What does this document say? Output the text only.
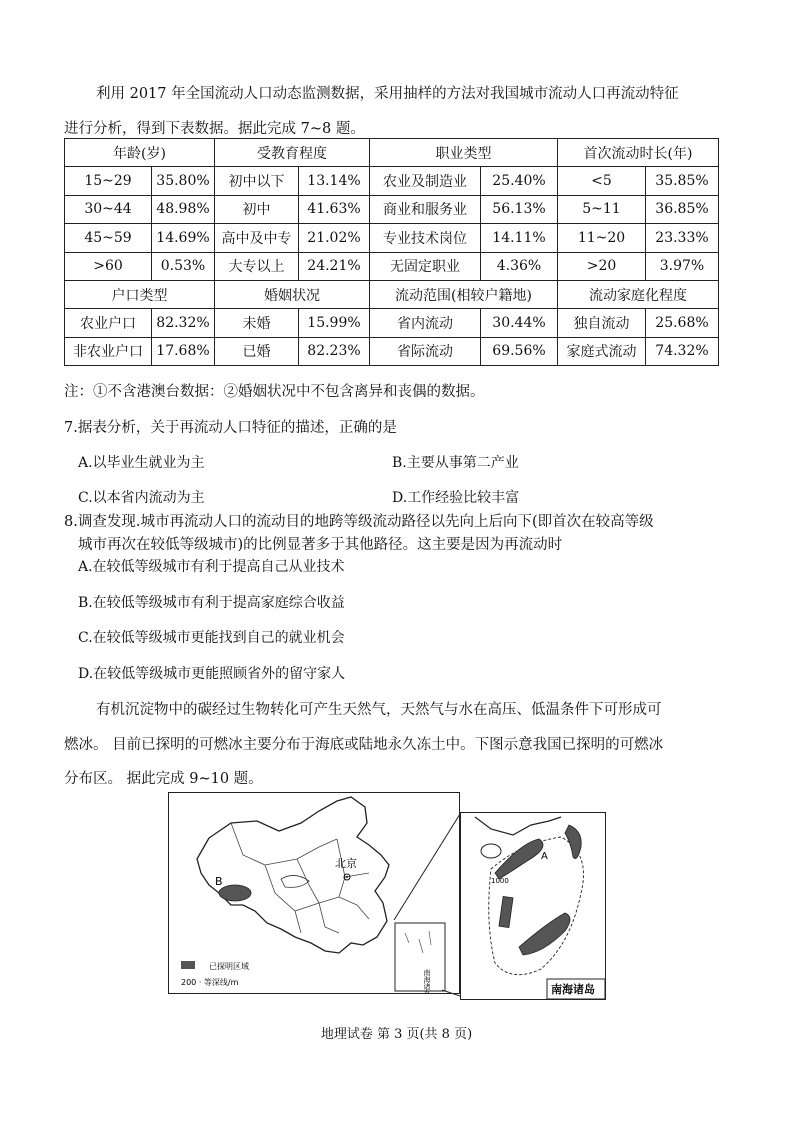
利用 2017 年全国流动人口动态监测数据，采用抽样的方法对我国城市流动人口再流动特征
进行分析，得到下表数据。据此完成 7~8 题。
年龄(岁)		受教育程度		职业类型		首次流动时长(年)	
15~29	35.80%	初中以下	13.14%	农业及制造业	25.40%	<5	35.85%
30~44	48.98%	初中	41.63%	商业和服务业	56.13%	5~11	36.85%
45~59	14.69%	高中及中专	21.02%	专业技术岗位	14.11%	11~20	23.33%
>60	0.53%	大专以上	24.21%	无固定职业	4.36%	>20	3.97%
户口类型		婚姻状况		流动范围(相较户籍地)		流动家庭化程度	
农业户口	82.32%	未婚	15.99%	省内流动	30.44%	独自流动	25.68%
非农业户口	17.68%	已婚	82.23%	省际流动	69.56%	家庭式流动	74.32%
注：①不含港澳台数据：②婚姻状况中不包含离异和丧偶的数据。
7.据表分析，关于再流动人口特征的描述，正确的是
A.以毕业生就业为主	B.主要从事第二产业
C.以本省内流动为主	D.工作经验比较丰富
8.调查发现.城市再流动人口的流动目的地跨等级流动路径以先向上后向下(即首次在较高等级
城市再次在较低等级城市)的比例显著多于其他路径。这主要是因为再流动时
A.在较低等级城市有利于提高自己从业技术
B.在较低等级城市有利于提高家庭综合收益
C.在较低等级城市更能找到自己的就业机会
D.在较低等级城市更能照顾省外的留守家人
有机沉淀物中的碳经过生物转化可产生天然气，天然气与水在高压、低温条件下可形成可
燃冰。 目前已探明的可燃冰主要分布于海底或陆地永久冻土中。下图示意我国已探明的可燃冰
分布区。 据此完成 9~10 题。
北京
B
已探明区域
200 · 等深线/m	南海诸岛
1000
A
南海诸岛
地理试卷 第 3 页(共 8 页)
